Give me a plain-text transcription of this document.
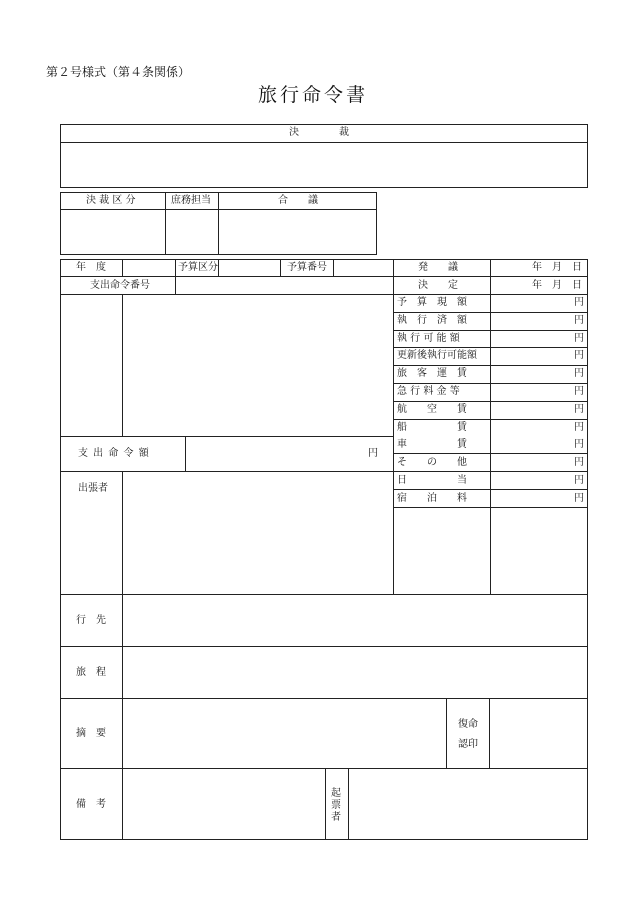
第２号様式（第４条関係）
旅行命令書
決　　　　裁
決 裁 区 分	庶務担当	合　　議
年　度	予算区分	予算番号	発　　議	年　月　日
支出命令番号	決　　定	年　月　日
予　算　現　額	円
執　行　済　額	円
執 行 可 能 額	円
更新後執行可能額	円
旅　客　運　賃	円
急 行 料 金 等	円
航　　空　　賃	円
船　　　　　賃	円
車　　　　　賃	円
そ　　の　　他	円
日　　　　　当	円
宿　　泊　　料	円
支 出 命 令 額	円
出張者
行　先
旅　程
摘　要
復命
認印
備　考
起票者
